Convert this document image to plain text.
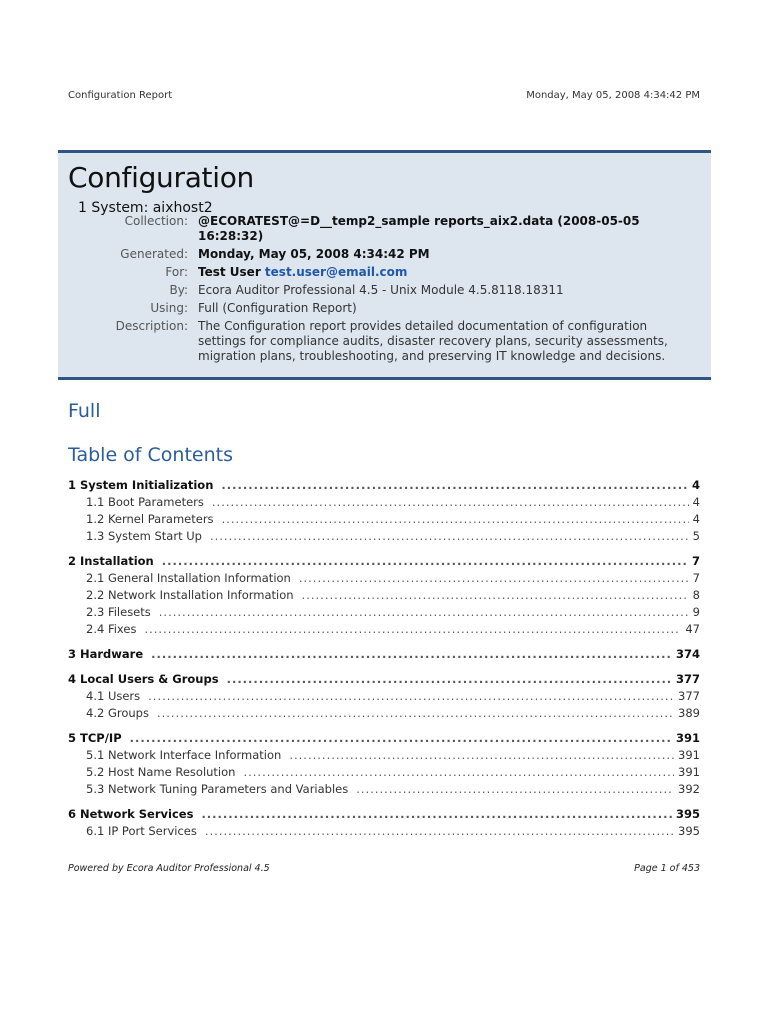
Configuration Report	Monday, May 05, 2008 4:34:42 PM
Configuration
1 System: aixhost2
Collection: @ECORATEST@=D__temp2_sample reports_aix2.data (2008-05-05 16:28:32)
Generated: Monday, May 05, 2008 4:34:42 PM
For: Test User test.user@email.com
By: Ecora Auditor Professional 4.5 - Unix Module 4.5.8118.18311
Using: Full (Configuration Report)
Description: The Configuration report provides detailed documentation of configuration settings for compliance audits, disaster recovery plans, security assessments, migration plans, troubleshooting, and preserving IT knowledge and decisions.
Full
Table of Contents
1 System Initialization .....	4
1.1 Boot Parameters .....	4
1.2 Kernel Parameters .....	4
1.3 System Start Up .....	5
2 Installation .....	7
2.1 General Installation Information .....	7
2.2 Network Installation Information .....	8
2.3 Filesets .....	9
2.4 Fixes .....	47
3 Hardware .....	374
4 Local Users & Groups .....	377
4.1 Users .....	377
4.2 Groups .....	389
5 TCP/IP .....	391
5.1 Network Interface Information .....	391
5.2 Host Name Resolution .....	391
5.3 Network Tuning Parameters and Variables .....	392
6 Network Services .....	395
6.1 IP Port Services .....	395
Powered by Ecora Auditor Professional 4.5	Page 1 of 453
